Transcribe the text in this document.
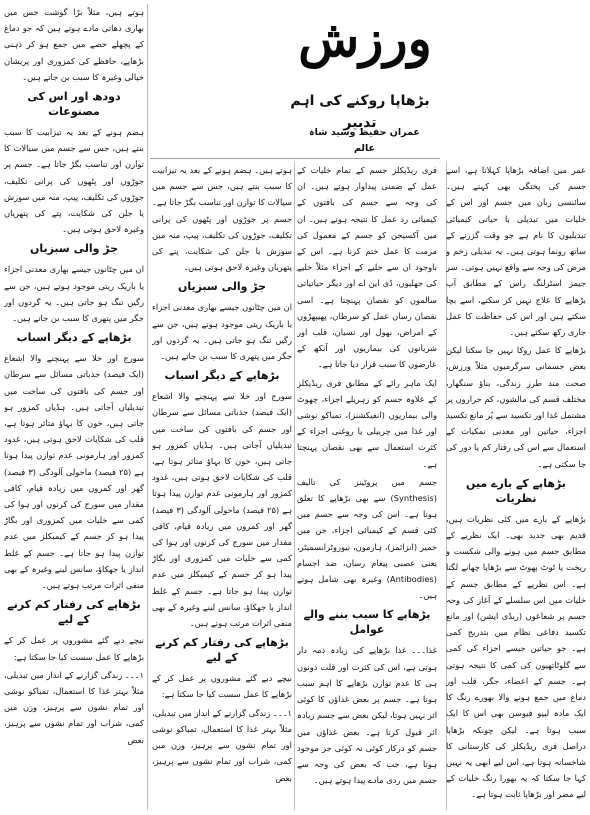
ورزش
بڑھاپا روکنے کی اہم تدبیر
عمران حفیظ وسید شاہ عالم

عمر میں اضافہ بڑھاپا کہلاتا ہے، اسے جسم کی پختگی بھی کہتے ہیں۔ سائنسی زبان میں جسم اور اس کے خلیات میں تبدیلی یا حیاتی کیمیائی تبدیلیوں کا نام ہے جو وقت گزرنے کے ساتھ رونما ہوتی ہیں۔ یہ تبدیلی زخم و مرض کی وجہ سے واقع نہیں ہوتی۔ سر جیمز اسٹرلنگ راس کے مطابق آپ بڑھاپے کا علاج نہیں کر سکتے، اسے بچا سکتے ہیں اور اس کی حفاظت کا عمل جاری رکھ سکتے ہیں۔

بڑھاپے کا عمل روکا نہیں جا سکتا لیکن بعض جسمانی سرگرمیوں مثلاً ورزش، صحت مند طرز زندگی، بناؤ سنگھار، مختلف قسم کی مالشوں، کم حراروں پر مشتمل غذا اور تکسید سے پُر مانع تکسید اجزاء، حیاتین اور معدنی نمکیات کے استعمال سے اس کی رفتار کم یا دور کی جا سکتی ہے۔

بڑھاپے کے بارے میں نظریات

بڑھاپے کے بارے میں کئی نظریات ہیں، قدیم بھی جدید بھی۔ ایک نظریے کے مطابق جسم میں ہونے والی شکست و ریخت یا ٹوٹ پھوٹ سے بڑھاپا چھانے لگتا ہے۔ اس نظریے کے مطابق جسم کے خلیات میں اس سلسلے کے آغاز کی وجہ جسم پر شعاعوں (ریڈی ایشن) اور مانع تکسید دفاعی نظام میں بتدریج کمی ہے۔ جو حیاتین جیسے اجزاء کی کمی سے گلوٹاتھیون کی کمی کا نتیجہ ہوتی ہے۔ جسم کے اعضاء، جگر، قلب اور دماغ میں جمع ہونے والا بھورے رنگ کا ایک مادہ لیپو فیوسن بھی اس کا ایک سبب ہوتا ہے۔ لیکن چونکہ بڑھاپا دراصل فری ریڈیکلز کی کارستانی کا شاخسانہ ہوتا ہے، اس لیے ابھی یہ نہیں کہا جا سکتا کہ یہ بھورا رنگ خلیات کے لیے مضر اور بڑھاپا ثابت ہوتا ہے۔

فری ریڈیکلز جسم کے تمام خلیات کے عمل کے ضمنی پیداوار ہوتے ہیں۔ ان کی وجہ سے جسم کی بافتوں کے کیمیائی رد عمل کا نتیجہ ہوتے ہیں۔ ان میں آکسیجن کو جسم کے معمول کی مرمت کا عمل ختم کرنا ہے۔ اس کے باوجود ان سے خلیے کے اجزاء مثلاً خلیے کی جھلیوں، ڈی این اے اور دیگر حیاتیاتی سالموں کو نقصان پہنچتا ہے۔ اسی نقصان رساں عمل کو سرطان، پھیپھڑوں کے امراض، بھول اور نسیان، قلب اور شریانوں کی بیماریوں اور آنکھ کے عارضوں کا سبب قرار دیا جاتا ہے۔

ایک ماہر رائے کے مطابق فری ریڈیکلز کے علاوہ جسم کو زہریلے اجزاء، چھوٹ والی بیماریوں (انفیکشنز)، تمباکو نوشی اور غذا میں چربیلی یا روغنی اجزاء کے کثرت استعمال سے بھی نقصان پہنچتا ہے۔

جسم میں پروٹینز کی تالیف (Synthesis) سے بھی بڑھاپے کا تعلق ہوتا ہے۔ اس کی وجہ سے جسم میں کئی قسم کے کیمیائی اجزاء، جن میں خمیر (انزائمز)، ہارمون، نیوروٹرانسمیٹر، یعنی عصبی پیغام رساں، ضد اجسام (Antibodies) وغیرہ بھی شامل ہوتے ہیں۔

بڑھاپے کا سبب بننے والے عوامل

غذا۔۔۔ غذا بڑھاپے کی زیادہ ذمہ دار ہوتی ہے، اس کی کثرت اور قلت دونوں ہی کا عدم توازن بڑھاپے کا اہم سبب ہوتا ہے۔ جسم پر بعض غذاؤں کا کوئی اثر نہیں ہوتا، لیکن بعض سے جسم زیادہ اثر قبول کرتا ہے۔ بعض غذاؤں میں جسم کو درکار کوئی نہ کوئی جز موجود ہوتا ہے، جب کہ بعض کی وجہ سے جسم میں ردی مادے پیدا ہوتے ہیں۔

ہوتے ہیں۔ ہضم ہونے کے بعد یہ تیزابیت کا سبب بنتے ہیں، جس سے جسم میں سیالات کا توازن اور تناسب بگڑ جاتا ہے۔ جسم پر جوڑوں اور پٹھوں کی پرانی تکلیف، جوڑوں کی تکلیف، پیپ، منہ میں سوزش یا جلن کی شکایت، پتے کی پتھریاں وغیرہ لاحق ہوتی ہیں۔

جڑ والی سبزیاں

ان میں چٹانوں جیسے بھاری معدنی اجزاء یا باریک ریتی موجود ہوتے ہیں، جن سے رگیں تنگ ہو جاتی ہیں۔ یہ گردوں اور جگر میں پتھری کا سبب بن جاتے ہیں۔

بڑھاپے کے دیگر اسباب

سورج اور خلا سے پہنچنے والا اشعاع (ایک فیصد) جذباتی مسائل سے سرطان اور جسم کی بافتوں کی ساخت میں تبدیلیاں آجاتی ہیں۔ ہڈیاں کمزور ہو جاتی ہیں، خون کا بہاؤ متاثر ہوتا ہے، قلب کی شکایات لاحق ہوتی ہیں، غدود کمزور اور ہارمونی عدم توازن پیدا ہوتا ہے (۲۵ فیصد) ماحولی آلودگی (۳ فیصد) گھر اور کمروں میں زیادہ قیام، کافی مقدار میں سورج کی کرنوں اور ہوا کی کمی سے خلیات میں کمزوری اور بگاڑ پیدا ہو کر جسم کے کیمیکلز میں عدم توازن پیدا ہو جاتا ہے۔ جسم کے غلط انداز یا جھکاؤ، سانس لینے وغیرہ کے بھی منفی اثرات مرتب ہوتے ہیں۔

بڑھاپے کی رفتار کم کرنے کے لیے

نیچے دیے گئے مشوروں پر عمل کر کے بڑھاپے کا عمل سست کیا جا سکتا ہے:

۱۔۔۔ زندگی گزارنے کے انداز میں تبدیلی، مثلاً بہتر غذا کا استعمال، تمباکو نوشی اور تمام نشوں سے پرہیز، وزن میں کمی، شراب اور تمام نشوں سے پرہیز، بعض

ہوتے ہیں، مثلاً بڑا گوشت جس میں بھاری دھاتی مادے ہوتے ہیں کہ جو دماغ کے پچھلے حصے میں جمع ہو کر ذہنی بڑھاپے، حافظے کی کمزوری اور پریشان خیالی وغیرہ کا سبب بن جاتے ہیں۔

دودھ اور اس کی مصنوعات

ہضم ہونے کے بعد یہ تیزابیت کا سبب بنتے ہیں، جس سے جسم میں سیالات کا توازن اور تناسب بگڑ جاتا ہے۔ جسم پر جوڑوں اور پٹھوں کی پرانی تکلیف، جوڑوں کی تکلیف، پیپ، منہ میں سوزش یا جلن کی شکایت، پتے کی پتھریاں وغیرہ لاحق ہوتی ہیں۔

جڑ والی سبزیاں

ان میں چٹانوں جیسے بھاری معدنی اجزاء یا باریک ریتی موجود ہوتے ہیں، جن سے رگیں تنگ ہو جاتی ہیں۔ یہ گردوں اور جگر میں پتھری کا سبب بن جاتے ہیں۔

بڑھاپے کے دیگر اسباب

سورج اور خلا سے پہنچنے والا اشعاع (ایک فیصد) جذباتی مسائل سے سرطان اور جسم کی بافتوں کی ساخت میں تبدیلیاں آجاتی ہیں۔ ہڈیاں کمزور ہو جاتی ہیں، خون کا بہاؤ متاثر ہوتا ہے، قلب کی شکایات لاحق ہوتی ہیں، غدود کمزور اور ہارمونی عدم توازن پیدا ہوتا ہے (۲۵ فیصد) ماحولی آلودگی (۳ فیصد) گھر اور کمروں میں زیادہ قیام، کافی مقدار میں سورج کی کرنوں اور ہوا کی کمی سے خلیات میں کمزوری اور بگاڑ پیدا ہو کر جسم کے کیمیکلز میں عدم توازن پیدا ہو جاتا ہے۔ جسم کے غلط انداز یا جھکاؤ، سانس لینے وغیرہ کے بھی منفی اثرات مرتب ہوتے ہیں۔

بڑھاپے کی رفتار کم کرنے کے لیے

نیچے دیے گئے مشوروں پر عمل کر کے بڑھاپے کا عمل سست کیا جا سکتا ہے:

۱۔۔۔ زندگی گزارنے کے انداز میں تبدیلی، مثلاً بہتر غذا کا استعمال، تمباکو نوشی اور تمام نشوں سے پرہیز، وزن میں کمی، شراب اور تمام نشوں سے پرہیز، بعض
